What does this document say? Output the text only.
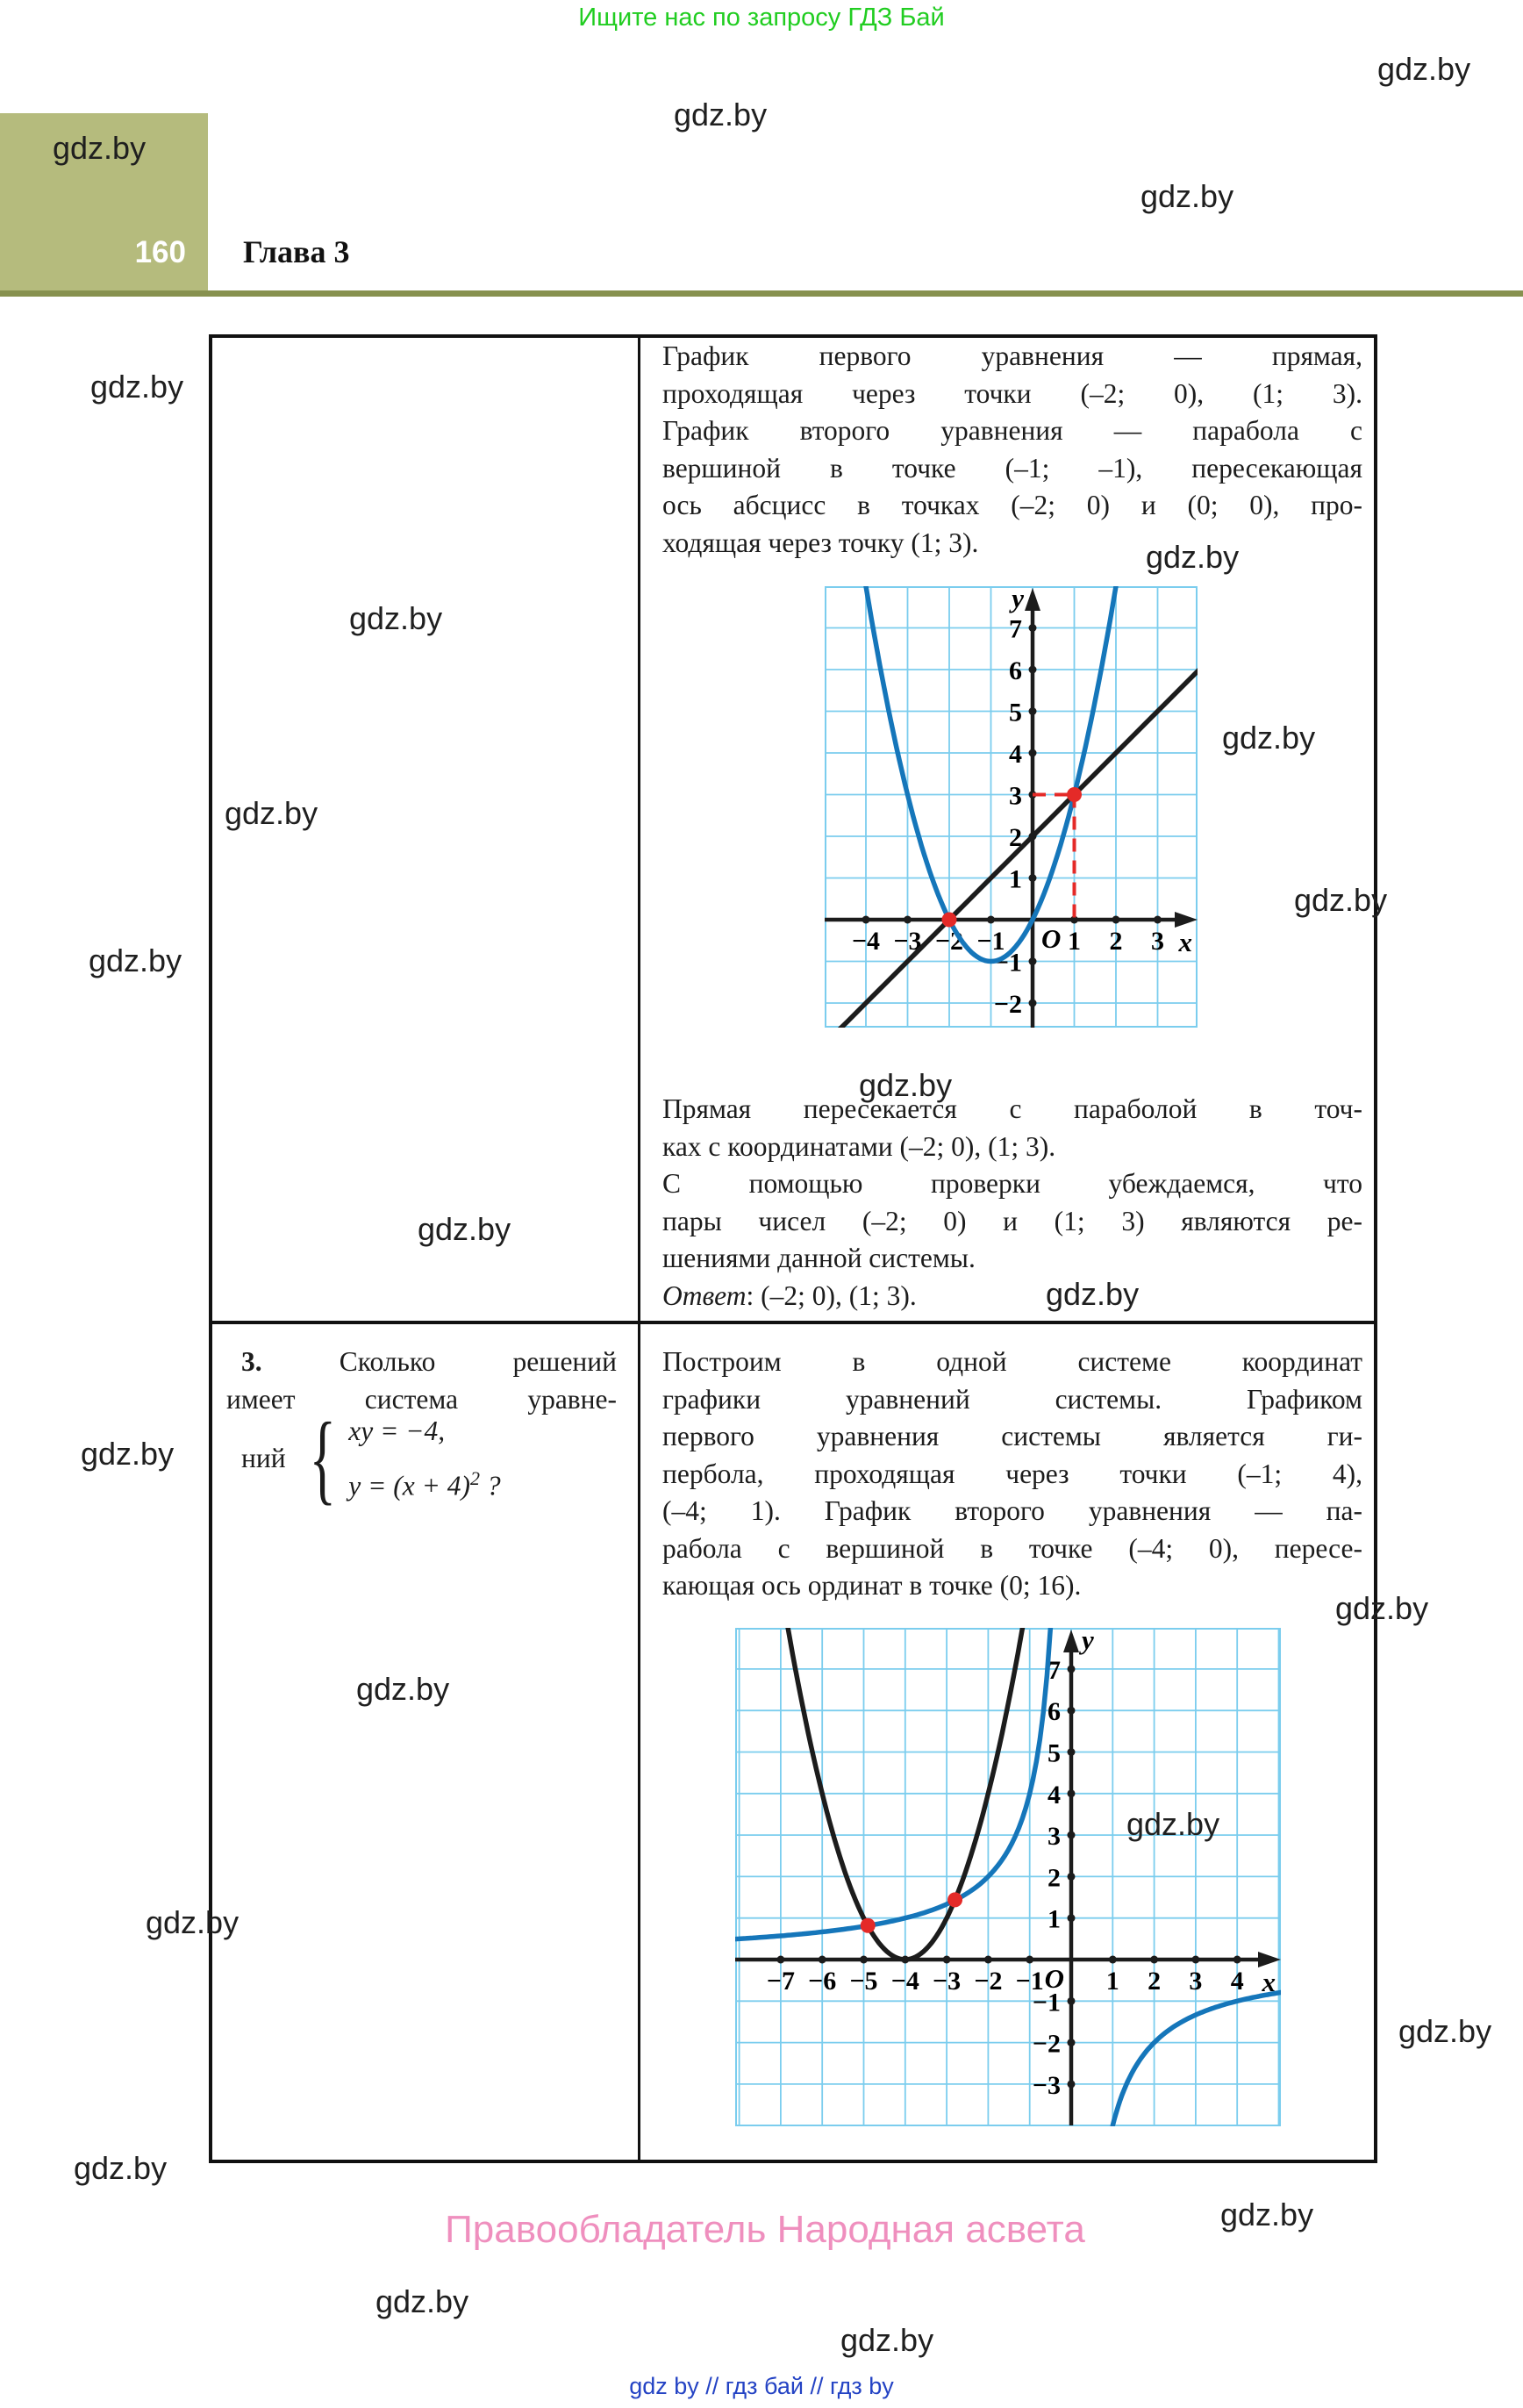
Ищите нас по запросу ГДЗ Бай
160 Глава 3
График первого уравнения — прямая,
проходящая через точки (–2; 0), (1; 3).
График второго уравнения — парабола с
вершиной в точке (–1; –1), пересекающая
ось абсцисс в точках (–2; 0) и (0; 0), про-
ходящая через точку (1; 3).
−4 −3 −2 −1 1 2 3
1
2
3
4
5
6
7
−1
−2
x
y
O
Прямая пересекается с параболой в точ-
ках с координатами (–2; 0), (1; 3).
С помощью проверки убеждаемся, что
пары чисел (–2; 0) и (1; 3) являются ре-
шениями данной системы.
Ответ: (–2; 0), (1; 3).
3.	Сколько решений
имеет система уравне-
ний { xy = −4,
$y = (x + 4)^2$ ?
Построим в одной системе координат
графики уравнений системы. Графиком
первого уравнения системы является ги-
пербола, проходящая через точки (–1; 4),
(–4; 1). График второго уравнения — па-
рабола с вершиной в точке (–4; 0), пересе-
кающая ось ординат в точке (0; 16).
−7 −6 −5 −4 −3 −2 −1 1 2 3 4
1
2
3
4
5
6
7
−1
−2
−3
x
y
O
Правообладатель Народная асвета
gdz by // гдз бай // гдз by
gdz.by
gdz.by
gdz.by
gdz.by
gdz.by
gdz.by
gdz.by
gdz.by
gdz.by
gdz.by
gdz.by
gdz.by
gdz.by
gdz.by
gdz.by
gdz.by
gdz.by
gdz.by
gdz.by
gdz.by
gdz.by
gdz.by
gdz.by
gdz.by
